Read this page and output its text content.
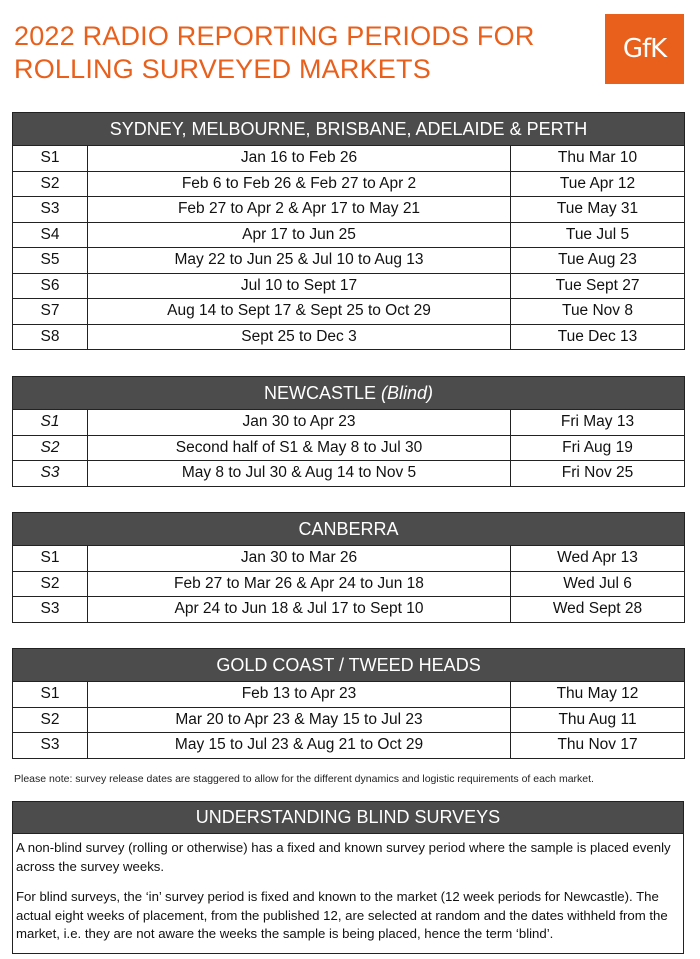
2022 RADIO REPORTING PERIODS FOR
ROLLING SURVEYED MARKETS
GfK
SYDNEY, MELBOURNE, BRISBANE, ADELAIDE & PERTH		
S1	Jan 16 to Feb 26	Thu Mar 10
S2	Feb 6 to Feb 26 & Feb 27 to Apr 2	Tue Apr 12
S3	Feb 27 to Apr 2 & Apr 17 to May 21	Tue May 31
S4	Apr 17 to Jun 25	Tue Jul 5
S5	May 22 to Jun 25 & Jul 10 to Aug 13	Tue Aug 23
S6	Jul 10 to Sept 17	Tue Sept 27
S7	Aug 14 to Sept 17 & Sept 25 to Oct 29	Tue Nov 8
S8	Sept 25 to Dec 3	Tue Dec 13
NEWCASTLE (Blind)		
S1	Jan 30 to Apr 23	Fri May 13
S2	Second half of S1 & May 8 to Jul 30	Fri Aug 19
S3	May 8 to Jul 30 & Aug 14 to Nov 5	Fri Nov 25
CANBERRA		
S1	Jan 30 to Mar 26	Wed Apr 13
S2	Feb 27 to Mar 26 & Apr 24 to Jun 18	Wed Jul 6
S3	Apr 24 to Jun 18 & Jul 17 to Sept 10	Wed Sept 28
GOLD COAST / TWEED HEADS		
S1	Feb 13 to Apr 23	Thu May 12
S2	Mar 20 to Apr 23 & May 15 to Jul 23	Thu Aug 11
S3	May 15 to Jul 23 & Aug 21 to Oct 29	Thu Nov 17
Please note: survey release dates are staggered to allow for the different dynamics and logistic requirements of each market.
UNDERSTANDING BLIND SURVEYS

A non-blind survey (rolling or otherwise) has a fixed and known survey period where the sample is placed evenly across the survey weeks.

For blind surveys, the ‘in’ survey period is fixed and known to the market (12 week periods for Newcastle). The actual eight weeks of placement, from the published 12, are selected at random and the dates withheld from the market, i.e. they are not aware the weeks the sample is being placed, hence the term ‘blind’.
